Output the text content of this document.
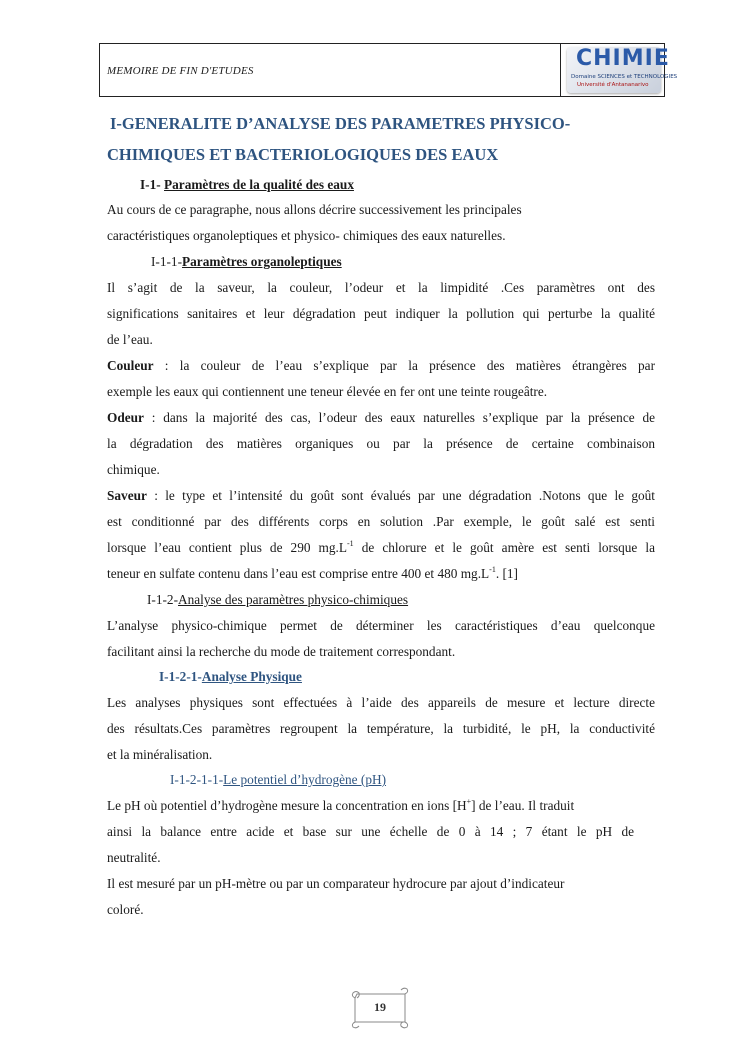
MEMOIRE DE FIN D'ETUDES	CHIMIE
Domaine SCIENCES et TECHNOLOGIES
Université d'Antananarivo
I-GENERALITE D’ANALYSE DES PARAMETRES PHYSICO-
CHIMIQUES ET BACTERIOLOGIQUES DES EAUX
I-1- Paramètres de la qualité des eaux
Au cours de ce paragraphe, nous allons décrire successivement les principales
caractéristiques organoleptiques et physico- chimiques des eaux naturelles.
I-1-1-Paramètres organoleptiques
Il s’agit de la saveur, la couleur, l’odeur et la limpidité .Ces paramètres ont des
significations sanitaires et leur dégradation peut indiquer la pollution qui perturbe la qualité
de l’eau.
Couleur : la couleur de l’eau s’explique par la présence des matières étrangères par
exemple les eaux qui contiennent une teneur élevée en fer ont une teinte rougeâtre.
Odeur : dans la majorité des cas, l’odeur des eaux naturelles s’explique par la présence de
la dégradation des matières organiques ou par la présence de certaine combinaison
chimique.
Saveur : le type et l’intensité du goût sont évalués par une dégradation .Notons que le goût
est conditionné par des différents corps en solution .Par exemple, le goût salé est senti
lorsque l’eau contient plus de 290 $mg.L^{-1}$ de chlorure et le goût amère est senti lorsque la
teneur en sulfate contenu dans l’eau est comprise entre 400 et 480 $mg.L^{-1}$. [1]
I-1-2-Analyse des paramètres physico-chimiques
L’analyse physico-chimique permet de déterminer les caractéristiques d’eau quelconque
facilitant ainsi la recherche du mode de traitement correspondant.
I-1-2-1-Analyse Physique
Les analyses physiques sont effectuées à l’aide des appareils de mesure et lecture directe
des résultats.Ces paramètres regroupent la température, la turbidité, le pH, la conductivité
et la minéralisation.
I-1-2-1-1-Le potentiel d’hydrogène (pH)
Le pH où potentiel d’hydrogène mesure la concentration en ions [H+] de l’eau. Il traduit
ainsi la balance entre acide et base sur une échelle de 0 à 14 ; 7 étant le pH de
neutralité.
Il est mesuré par un pH-mètre ou par un comparateur hydrocure par ajout d’indicateur
coloré.
19
